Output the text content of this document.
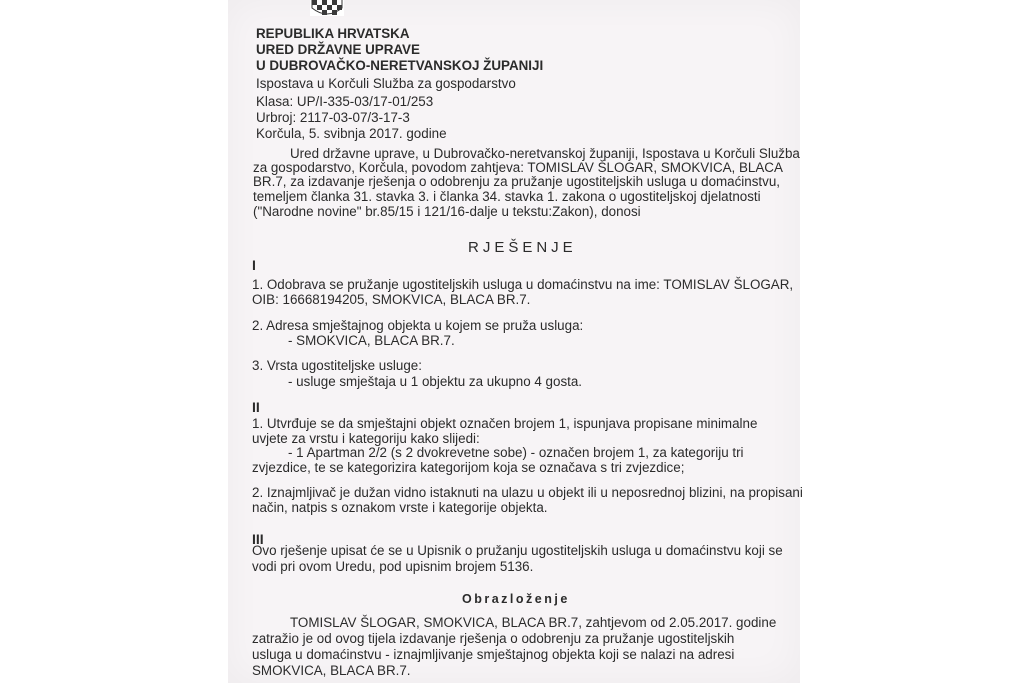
REPUBLIKA HRVATSKA
URED DRŽAVNE UPRAVE
U DUBROVAČKO-NERETVANSKOJ ŽUPANIJI
Ispostava u Korčuli Služba za gospodarstvo
Klasa: UP/I-335-03/17-01/253
Urbroj: 2117-03-07/3-17-3
Korčula, 5. svibnja 2017. godine
Ured državne uprave, u Dubrovačko-neretvanskoj županiji, Ispostava u Korčuli Služba
za gospodarstvo, Korčula, povodom zahtjeva: TOMISLAV ŠLOGAR, SMOKVICA, BLACA
BR.7, za izdavanje rješenja o odobrenju za pružanje ugostiteljskih usluga u domaćinstvu,
temeljem članka 31. stavka 3. i članka 34. stavka 1. zakona o ugostiteljskoj djelatnosti
("Narodne novine" br.85/15 i 121/16-dalje u tekstu:Zakon), donosi
RJEŠENJE
I
1. Odobrava se pružanje ugostiteljskih usluga u domaćinstvu na ime: TOMISLAV ŠLOGAR,
OIB: 16668194205, SMOKVICA, BLACA BR.7.
2. Adresa smještajnog objekta u kojem se pruža usluga:
- SMOKVICA, BLACA BR.7.
3. Vrsta ugostiteljske usluge:
- usluge smještaja u 1 objektu za ukupno 4 gosta.
II
1. Utvrđuje se da smještajni objekt označen brojem 1, ispunjava propisane minimalne
uvjete za vrstu i kategoriju kako slijedi:
- 1 Apartman 2/2 (s 2 dvokrevetne sobe) - označen brojem 1, za kategoriju tri
zvjezdice, te se kategorizira kategorijom koja se označava s tri zvjezdice;
2. Iznajmljivač je dužan vidno istaknuti na ulazu u objekt ili u neposrednoj blizini, na propisani
način, natpis s oznakom vrste i kategorije objekta.
III
Ovo rješenje upisat će se u Upisnik o pružanju ugostiteljskih usluga u domaćinstvu koji se
vodi pri ovom Uredu, pod upisnim brojem 5136.
Obrazloženje
TOMISLAV ŠLOGAR, SMOKVICA, BLACA BR.7, zahtjevom od 2.05.2017. godine
zatražio je od ovog tijela izdavanje rješenja o odobrenju za pružanje ugostiteljskih
usluga u domaćinstvu - iznajmljivanje smještajnog objekta koji se nalazi na adresi
SMOKVICA, BLACA BR.7.
